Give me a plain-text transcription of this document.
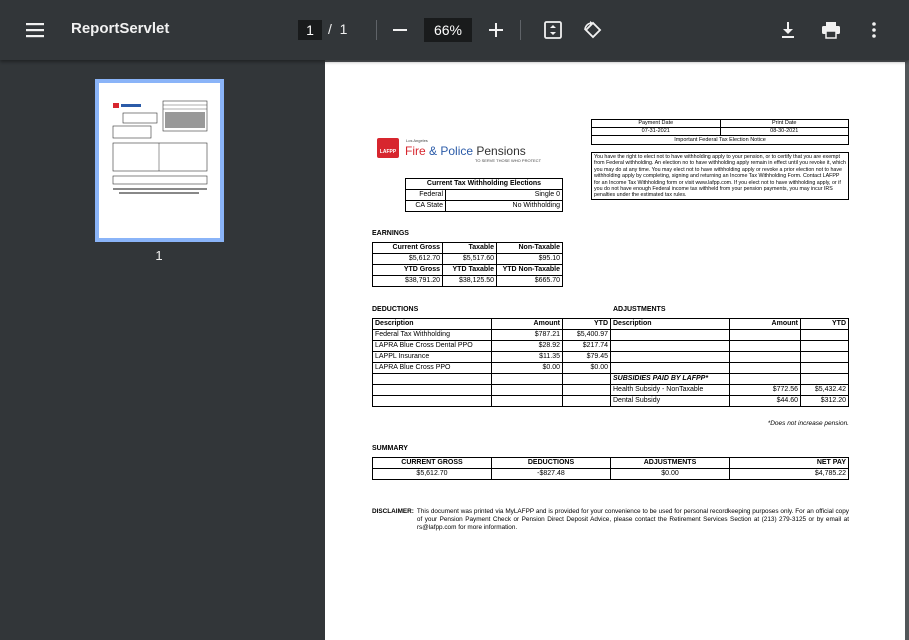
ReportServlet	1	/ 1	66%
1
LAFPP
Los Angeles
Fire & Police Pensions
TO SERVE THOSE WHO PROTECT
Payment Date	Print Date
07-31-2021	08-30-2021
Important Federal Tax Election Notice	
You have the right to elect not to have withholding apply to your pension, or to certify that you are exempt from Federal withholding. An election no to have withholding apply remain in effect until you revoke it, which you may do at any time. You may elect not to have withholding apply or revoke a prior election not to have withholding apply by completing, signing and returning an Income Tax Withholding Form. Contact LAFPP for an Income Tax Withholding form or visit www.lafpp.com. If you elect not to have withholding apply, or if you do not have enough Federal income tax withheld from your pension payments, you may incur IRS penalties under the estimated tax rules.
Current Tax Withholding Elections	
Federal	Single 0
CA State	No Withholding
EARNINGS
Current Gross	Taxable	Non-Taxable
$5,612.70	$5,517.60	$95.10
YTD Gross	YTD Taxable	YTD Non-Taxable
$38,791.20	$38,125.50	$665.70
DEDUCTIONS
Description	Amount	YTD
Federal Tax Withholding	$787.21	$5,400.97
LAPRA Blue Cross Dental PPO	$28.92	$217.74
LAPPL Insurance	$11.35	$79.45
LAPRA Blue Cross PPO	$0.00	$0.00

ADJUSTMENTS
Description	Amount	YTD

SUBSIDIES PAID BY LAFPP*		
Health Subsidy - NonTaxable	$772.56	$5,432.42
Dental Subsidy	$44.60	$312.20
*Does not increase pension.
SUMMARY
CURRENT GROSS	DEDUCTIONS	ADJUSTMENTS	NET PAY
$5,612.70	-$827.48	$0.00	$4,785.22
DISCLAIMER: This document was printed via MyLAFPP and is provided for your convenience to be used for personal recordkeeping purposes only. For an official copy of your Pension Payment Check or Pension Direct Deposit Advice, please contact the Retirement Services Section at (213) 279-3125 or by email at rs@lafpp.com for more information.
